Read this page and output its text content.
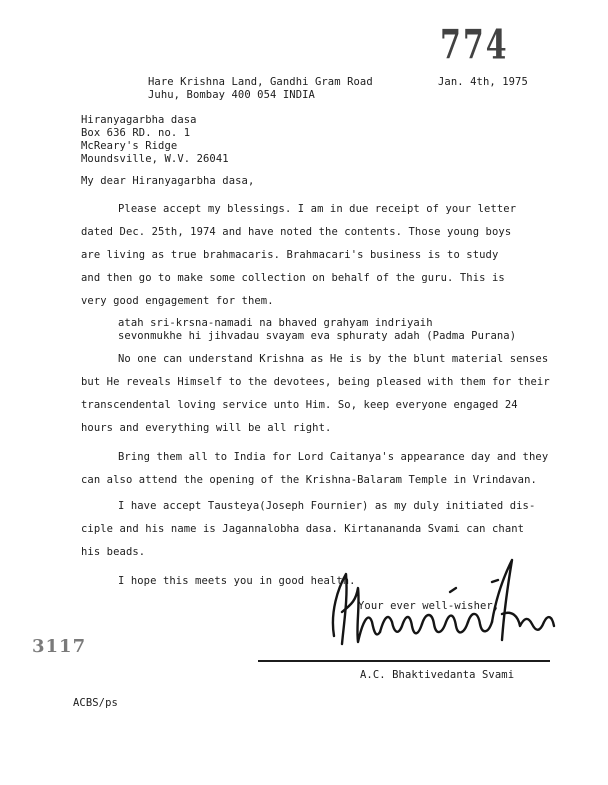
774
Hare Krishna Land, Gandhi Gram Road
Juhu, Bombay 400 054 INDIA
Jan. 4th, 1975
Hiranyagarbha dasa
Box 636 RD. no. 1
McReary's Ridge
Moundsville, W.V. 26041
My dear Hiranyagarbha dasa,
Please accept my blessings. I am in due receipt of your letter
dated Dec. 25th, 1974 and have noted the contents. Those young boys
are living as true brahmacaris. Brahmacari's business is to study
and then go to make some collection on behalf of the guru. This is
very good engagement for them.
atah sri-krsna-namadi na bhaved grahyam indriyaih
sevonmukhe hi jihvadau svayam eva sphuraty adah (Padma Purana)
No one can understand Krishna as He is by the blunt material senses
but He reveals Himself to the devotees, being pleased with them for their
transcendental loving service unto Him. So, keep everyone engaged 24
hours and everything will be all right.
Bring them all to India for Lord Caitanya's appearance day and they
can also attend the opening of the Krishna-Balaram Temple in Vrindavan.
I have accept Tausteya(Joseph Fournier) as my duly initiated dis-
ciple and his name is Jagannalobha dasa. Kirtanananda Svami can chant
his beads.
I hope this meets you in good health.
Your ever well-wisher,
A.C. Bhaktivedanta Svami
3117
ACBS/ps
